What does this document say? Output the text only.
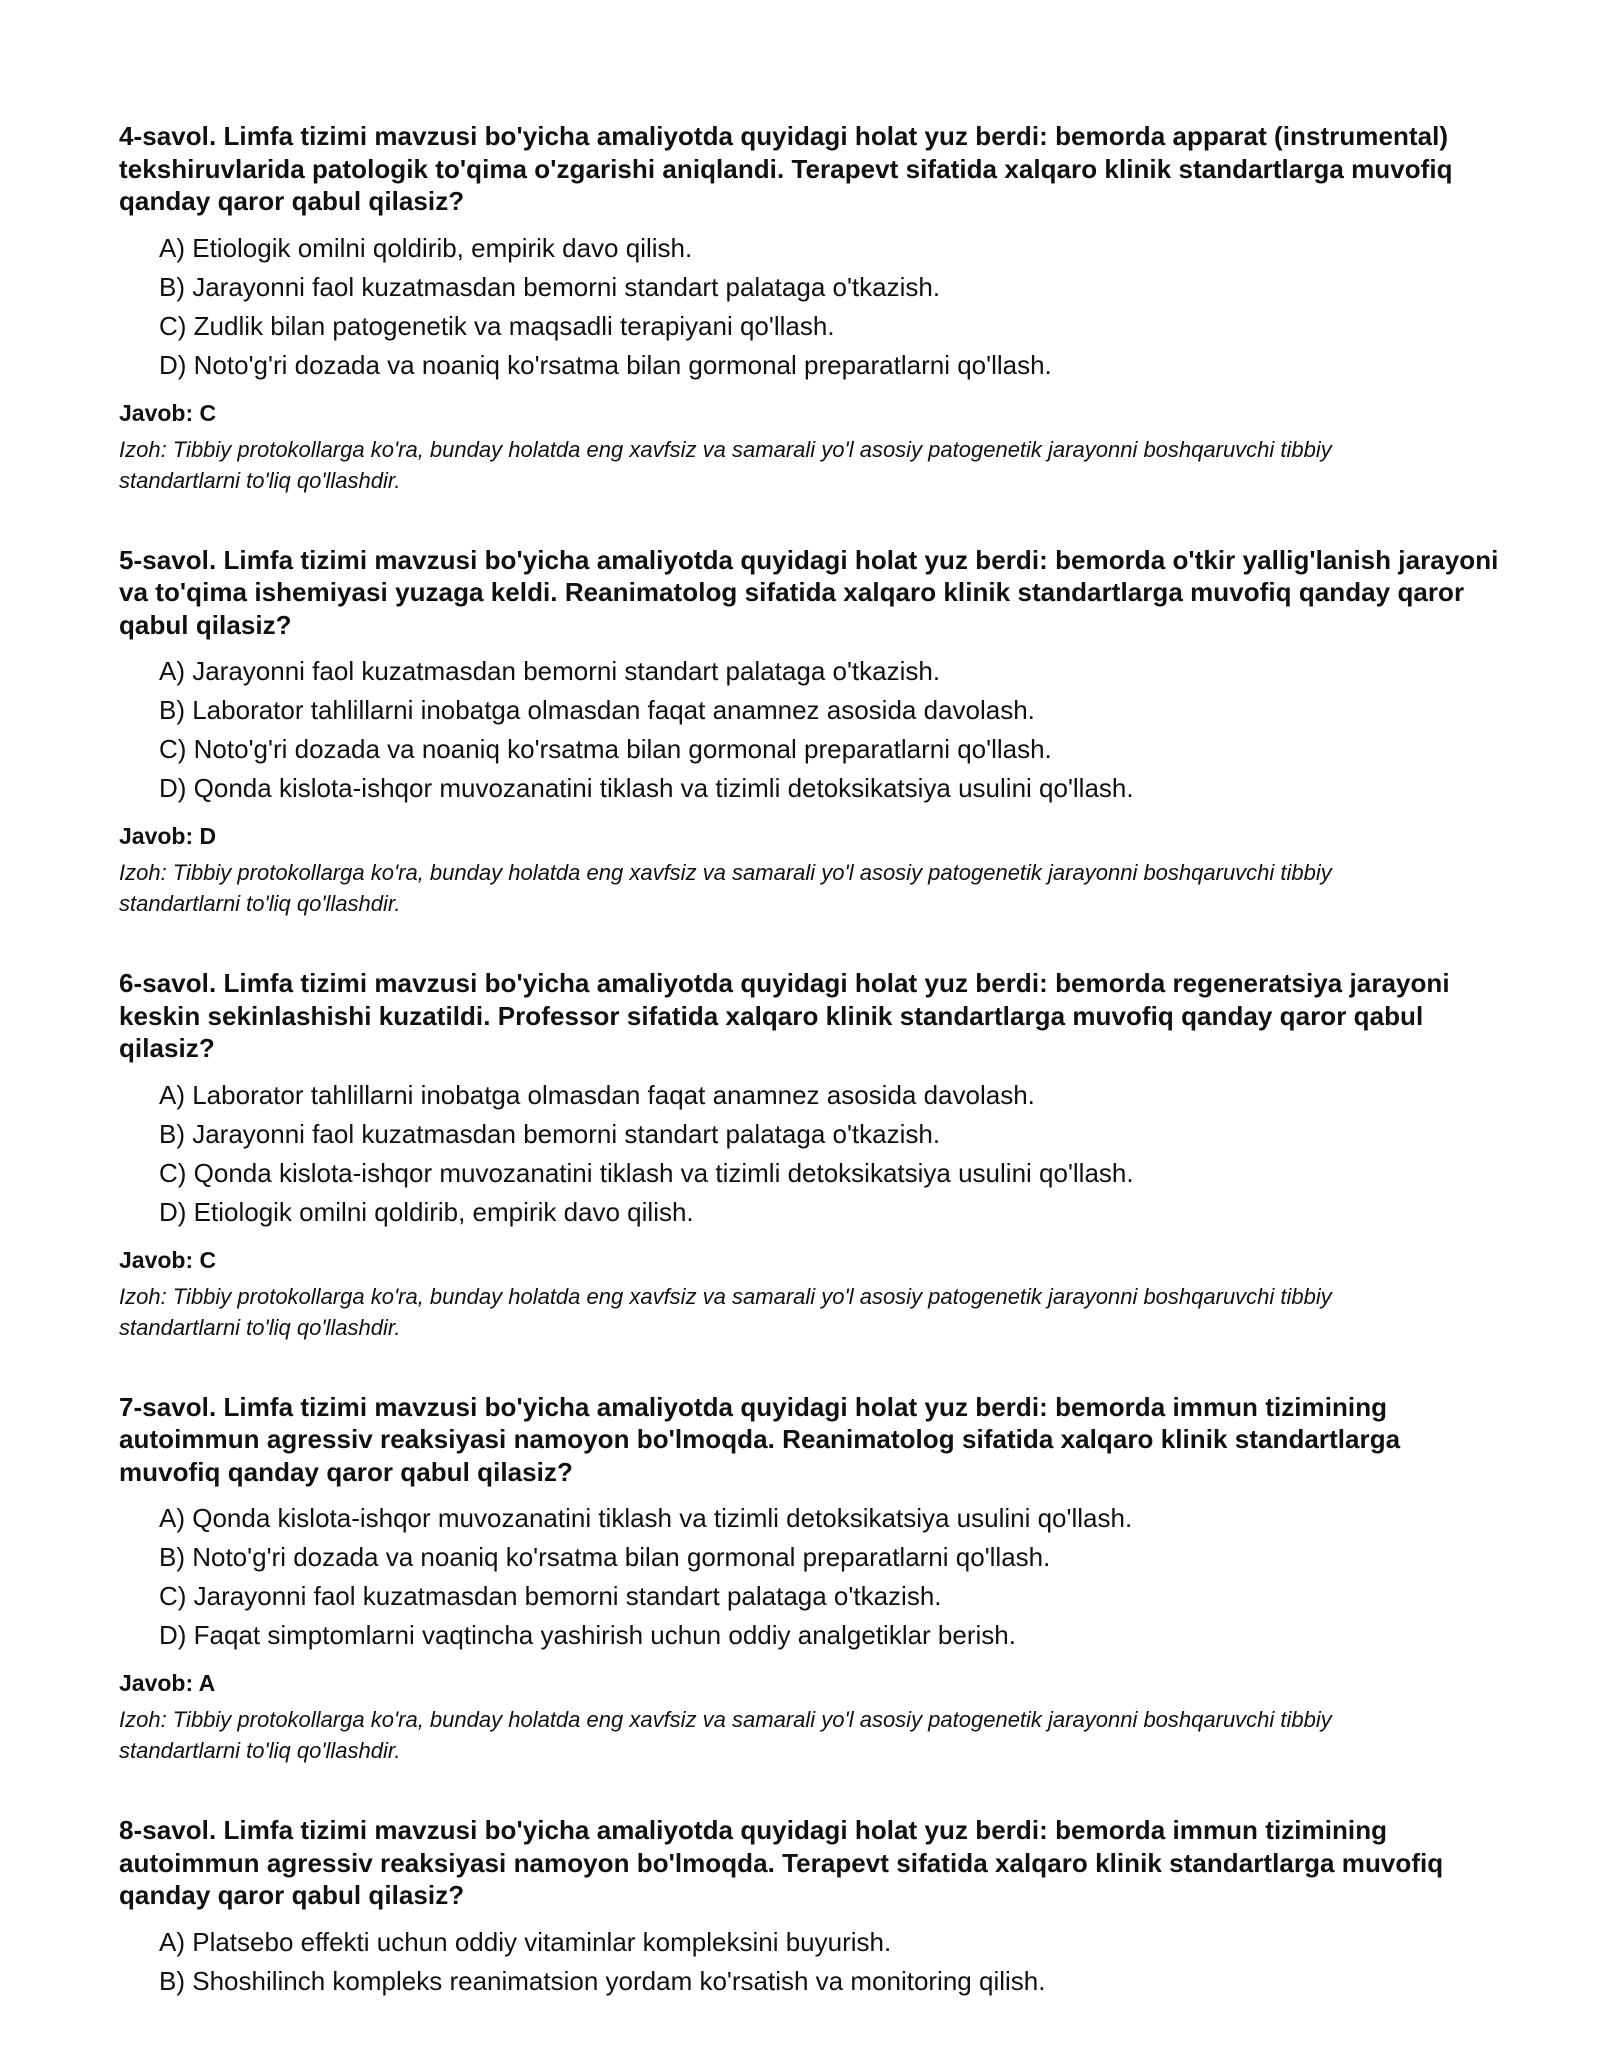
4-savol. Limfa tizimi mavzusi bo'yicha amaliyotda quyidagi holat yuz berdi: bemorda apparat (instrumental) tekshiruvlarida patologik to'qima o'zgarishi aniqlandi. Terapevt sifatida xalqaro klinik standartlarga muvofiq qanday qaror qabul qilasiz?

A) Etiologik omilni qoldirib, empirik davo qilish.
B) Jarayonni faol kuzatmasdan bemorni standart palataga o'tkazish.
C) Zudlik bilan patogenetik va maqsadli terapiyani qo'llash.
D) Noto'g'ri dozada va noaniq ko'rsatma bilan gormonal preparatlarni qo'llash.

Javob: C

Izoh: Tibbiy protokollarga ko'ra, bunday holatda eng xavfsiz va samarali yo'l asosiy patogenetik jarayonni boshqaruvchi tibbiy standartlarni to'liq qo'llashdir.

5-savol. Limfa tizimi mavzusi bo'yicha amaliyotda quyidagi holat yuz berdi: bemorda o'tkir yallig'lanish jarayoni va to'qima ishemiyasi yuzaga keldi. Reanimatolog sifatida xalqaro klinik standartlarga muvofiq qanday qaror qabul qilasiz?

A) Jarayonni faol kuzatmasdan bemorni standart palataga o'tkazish.
B) Laborator tahlillarni inobatga olmasdan faqat anamnez asosida davolash.
C) Noto'g'ri dozada va noaniq ko'rsatma bilan gormonal preparatlarni qo'llash.
D) Qonda kislota-ishqor muvozanatini tiklash va tizimli detoksikatsiya usulini qo'llash.

Javob: D

Izoh: Tibbiy protokollarga ko'ra, bunday holatda eng xavfsiz va samarali yo'l asosiy patogenetik jarayonni boshqaruvchi tibbiy standartlarni to'liq qo'llashdir.

6-savol. Limfa tizimi mavzusi bo'yicha amaliyotda quyidagi holat yuz berdi: bemorda regeneratsiya jarayoni keskin sekinlashishi kuzatildi. Professor sifatida xalqaro klinik standartlarga muvofiq qanday qaror qabul qilasiz?

A) Laborator tahlillarni inobatga olmasdan faqat anamnez asosida davolash.
B) Jarayonni faol kuzatmasdan bemorni standart palataga o'tkazish.
C) Qonda kislota-ishqor muvozanatini tiklash va tizimli detoksikatsiya usulini qo'llash.
D) Etiologik omilni qoldirib, empirik davo qilish.

Javob: C

Izoh: Tibbiy protokollarga ko'ra, bunday holatda eng xavfsiz va samarali yo'l asosiy patogenetik jarayonni boshqaruvchi tibbiy standartlarni to'liq qo'llashdir.

7-savol. Limfa tizimi mavzusi bo'yicha amaliyotda quyidagi holat yuz berdi: bemorda immun tizimining autoimmun agressiv reaksiyasi namoyon bo'lmoqda. Reanimatolog sifatida xalqaro klinik standartlarga muvofiq qanday qaror qabul qilasiz?

A) Qonda kislota-ishqor muvozanatini tiklash va tizimli detoksikatsiya usulini qo'llash.
B) Noto'g'ri dozada va noaniq ko'rsatma bilan gormonal preparatlarni qo'llash.
C) Jarayonni faol kuzatmasdan bemorni standart palataga o'tkazish.
D) Faqat simptomlarni vaqtincha yashirish uchun oddiy analgetiklar berish.

Javob: A

Izoh: Tibbiy protokollarga ko'ra, bunday holatda eng xavfsiz va samarali yo'l asosiy patogenetik jarayonni boshqaruvchi tibbiy standartlarni to'liq qo'llashdir.

8-savol. Limfa tizimi mavzusi bo'yicha amaliyotda quyidagi holat yuz berdi: bemorda immun tizimining autoimmun agressiv reaksiyasi namoyon bo'lmoqda. Terapevt sifatida xalqaro klinik standartlarga muvofiq qanday qaror qabul qilasiz?

A) Platsebo effekti uchun oddiy vitaminlar kompleksini buyurish.
B) Shoshilinch kompleks reanimatsion yordam ko'rsatish va monitoring qilish.
